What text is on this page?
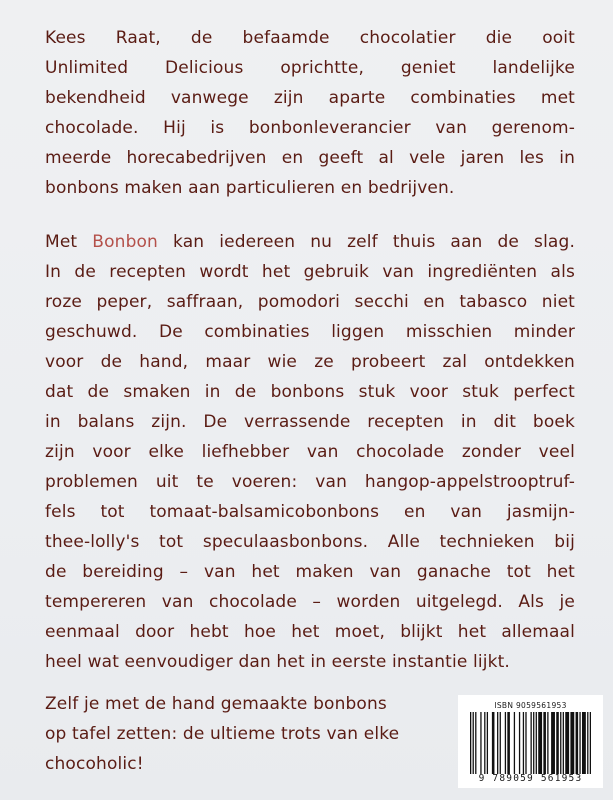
Kees Raat, de befaamde chocolatier die ooit
Unlimited Delicious oprichtte, geniet landelijke
bekendheid vanwege zijn aparte combinaties met
chocolade. Hij is bonbonleverancier van gerenom-
meerde horecabedrijven en geeft al vele jaren les in
bonbons maken aan particulieren en bedrijven.
Met Bonbon kan iedereen nu zelf thuis aan de slag.
In de recepten wordt het gebruik van ingrediënten als
roze peper, saffraan, pomodori secchi en tabasco niet
geschuwd. De combinaties liggen misschien minder
voor de hand, maar wie ze probeert zal ontdekken
dat de smaken in de bonbons stuk voor stuk perfect
in balans zijn. De verrassende recepten in dit boek
zijn voor elke liefhebber van chocolade zonder veel
problemen uit te voeren: van hangop-appelstrooptruf-
fels tot tomaat-balsamicobonbons en van jasmijn-
thee-lolly's tot speculaasbonbons. Alle technieken bij
de bereiding – van het maken van ganache tot het
tempereren van chocolade – worden uitgelegd. Als je
eenmaal door hebt hoe het moet, blijkt het allemaal
heel wat eenvoudiger dan het in eerste instantie lijkt.
Zelf je met de hand gemaakte bonbons
op tafel zetten: de ultieme trots van elke
chocoholic!
ISBN 9059561953
9 789059 561953
